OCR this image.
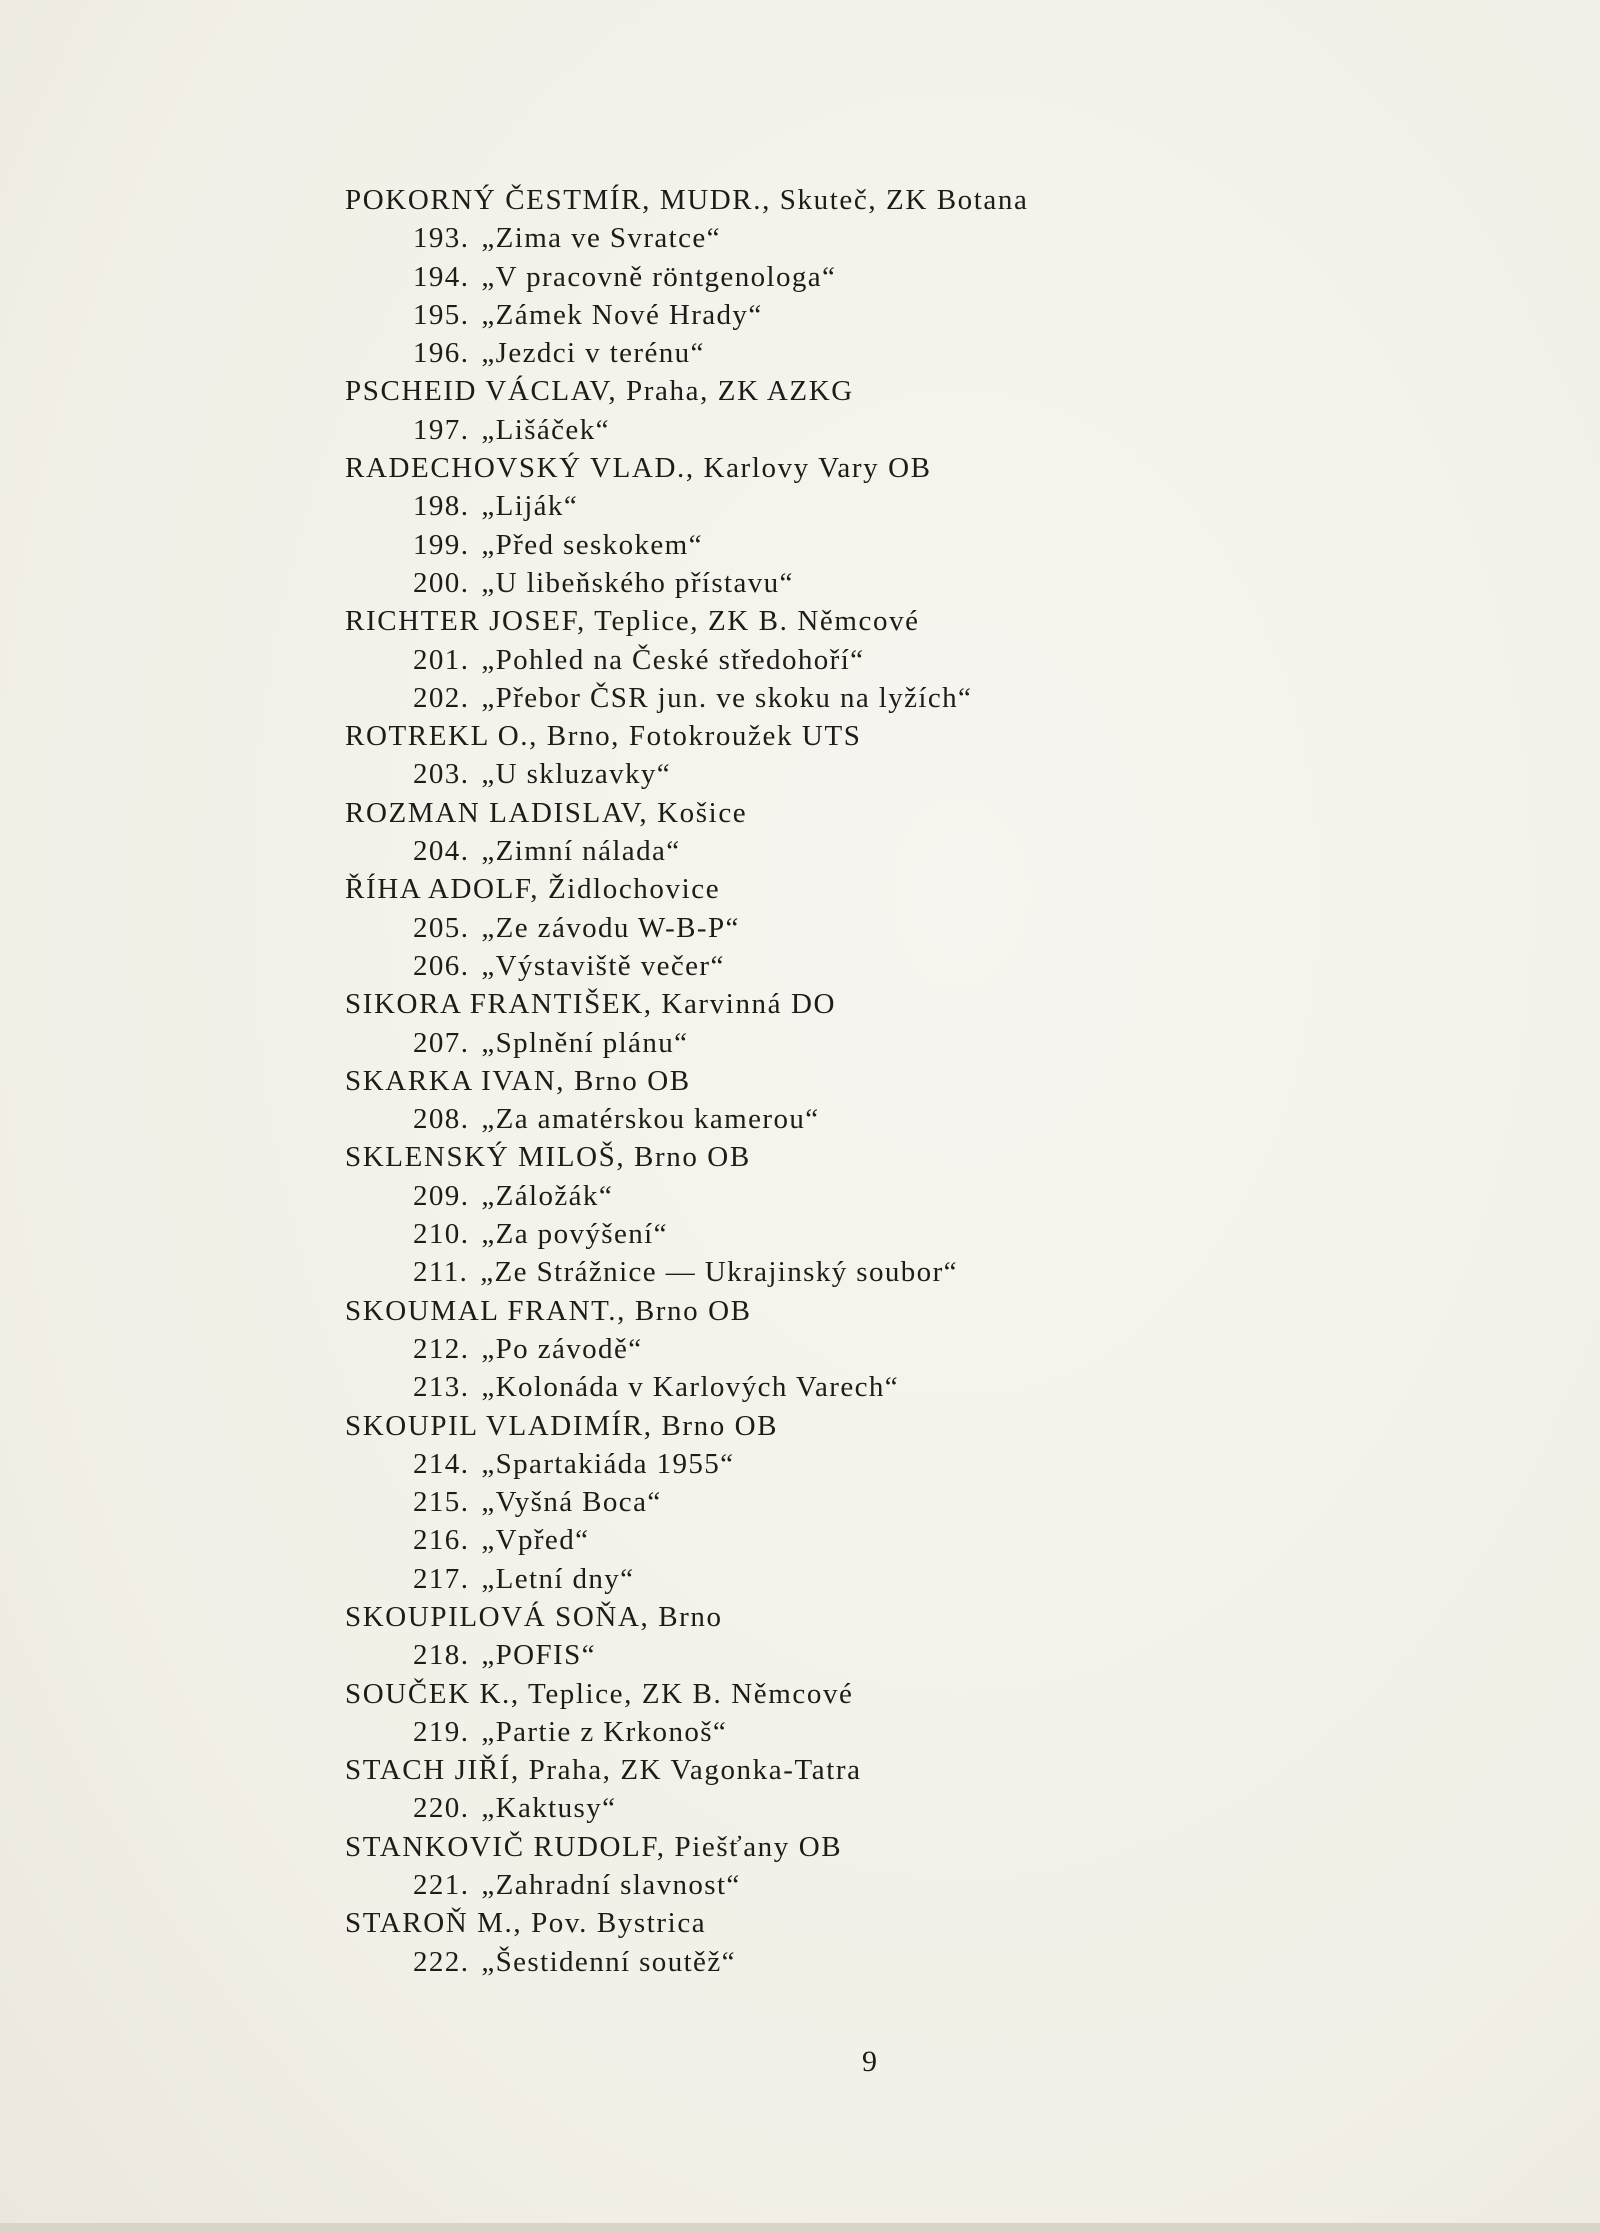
POKORNÝ ČESTMÍR, MUDR., Skuteč, ZK Botana
193. „Zima ve Svratce“
194. „V pracovně röntgenologa“
195. „Zámek Nové Hrady“
196. „Jezdci v terénu“
PSCHEID VÁCLAV, Praha, ZK AZKG
197. „Lišáček“
RADECHOVSKÝ VLAD., Karlovy Vary OB
198. „Liják“
199. „Před seskokem“
200. „U libeňského přístavu“
RICHTER JOSEF, Teplice, ZK B. Němcové
201. „Pohled na České středohoří“
202. „Přebor ČSR jun. ve skoku na lyžích“
ROTREKL O., Brno, Fotokroužek UTS
203. „U skluzavky“
ROZMAN LADISLAV, Košice
204. „Zimní nálada“
ŘÍHA ADOLF, Židlochovice
205. „Ze závodu W-B-P“
206. „Výstaviště večer“
SIKORA FRANTIŠEK, Karvinná DO
207. „Splnění plánu“
SKARKA IVAN, Brno OB
208. „Za amatérskou kamerou“
SKLENSKÝ MILOŠ, Brno OB
209. „Záložák“
210. „Za povýšení“
211. „Ze Strážnice — Ukrajinský soubor“
SKOUMAL FRANT., Brno OB
212. „Po závodě“
213. „Kolonáda v Karlových Varech“
SKOUPIL VLADIMÍR, Brno OB
214. „Spartakiáda 1955“
215. „Vyšná Boca“
216. „Vpřed“
217. „Letní dny“
SKOUPILOVÁ SOŇA, Brno
218. „POFIS“
SOUČEK K., Teplice, ZK B. Němcové
219. „Partie z Krkonoš“
STACH JIŘÍ, Praha, ZK Vagonka-Tatra
220. „Kaktusy“
STANKOVIČ RUDOLF, Piešťany OB
221. „Zahradní slavnost“
STAROŇ M., Pov. Bystrica
222. „Šestidenní soutěž“
9
